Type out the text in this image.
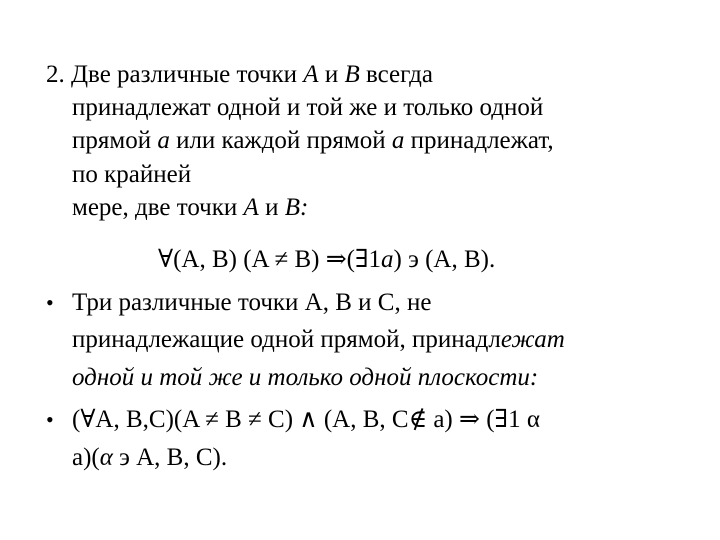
2. Две различные точки A и B всегда
принадлежат одной и той же и только одной
прямой a или каждой прямой a принадлежат,
по крайней
мере, две точки A и B:
∀(A, B) (A ≠ B) ⇒(∃1a) э (A, B).
• Три различные точки A, B и C, не
принадлежащие одной прямой, принадлежат
одной и той же и только одной плоскости:
• (∀A, B,C)(A ≠ B ≠ C) ∧ (A, B, C∉ a) ⇒ (∃1 α
a)(α э A, B, C).
